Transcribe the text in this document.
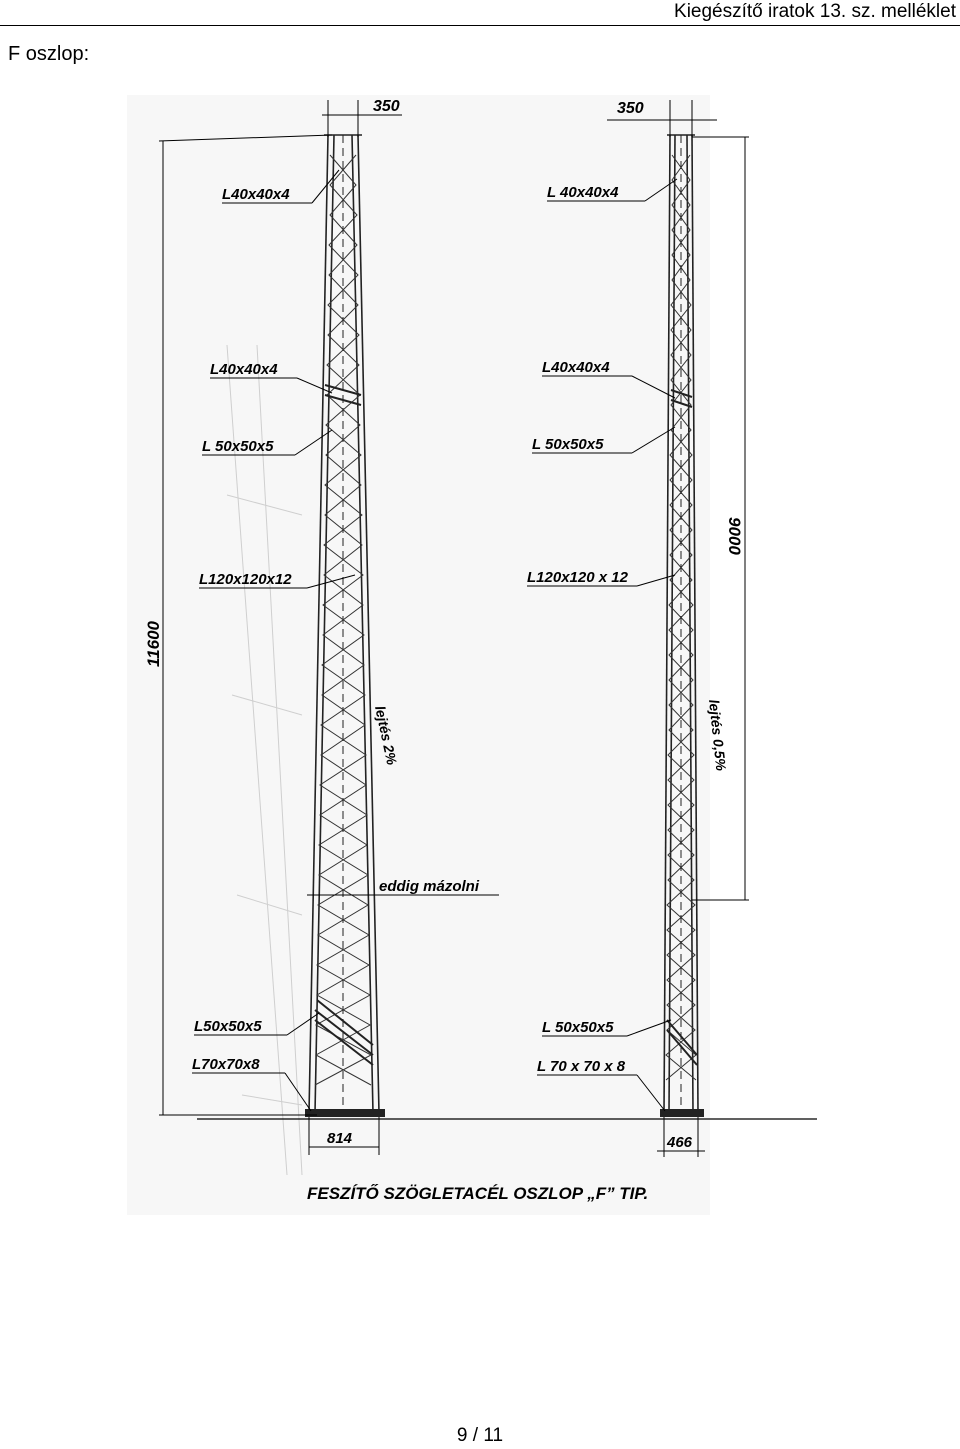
Kiegészítő iratok 13. sz. melléklet
F oszlop:
350
11600
L40x40x4
L40x40x4
L 50x50x5
L120x120x12
L50x50x5
L70x70x8
lejtés 2%
eddig mázolni
814
350
9000
L 40x40x4
L40x40x4
L 50x50x5
L120x120 x 12
L 50x50x5
L 70 x 70 x 8
lejtés 0,5%
466
FESZÍTŐ SZÖGLETACÉL OSZLOP „F” TIP.
9 / 11
